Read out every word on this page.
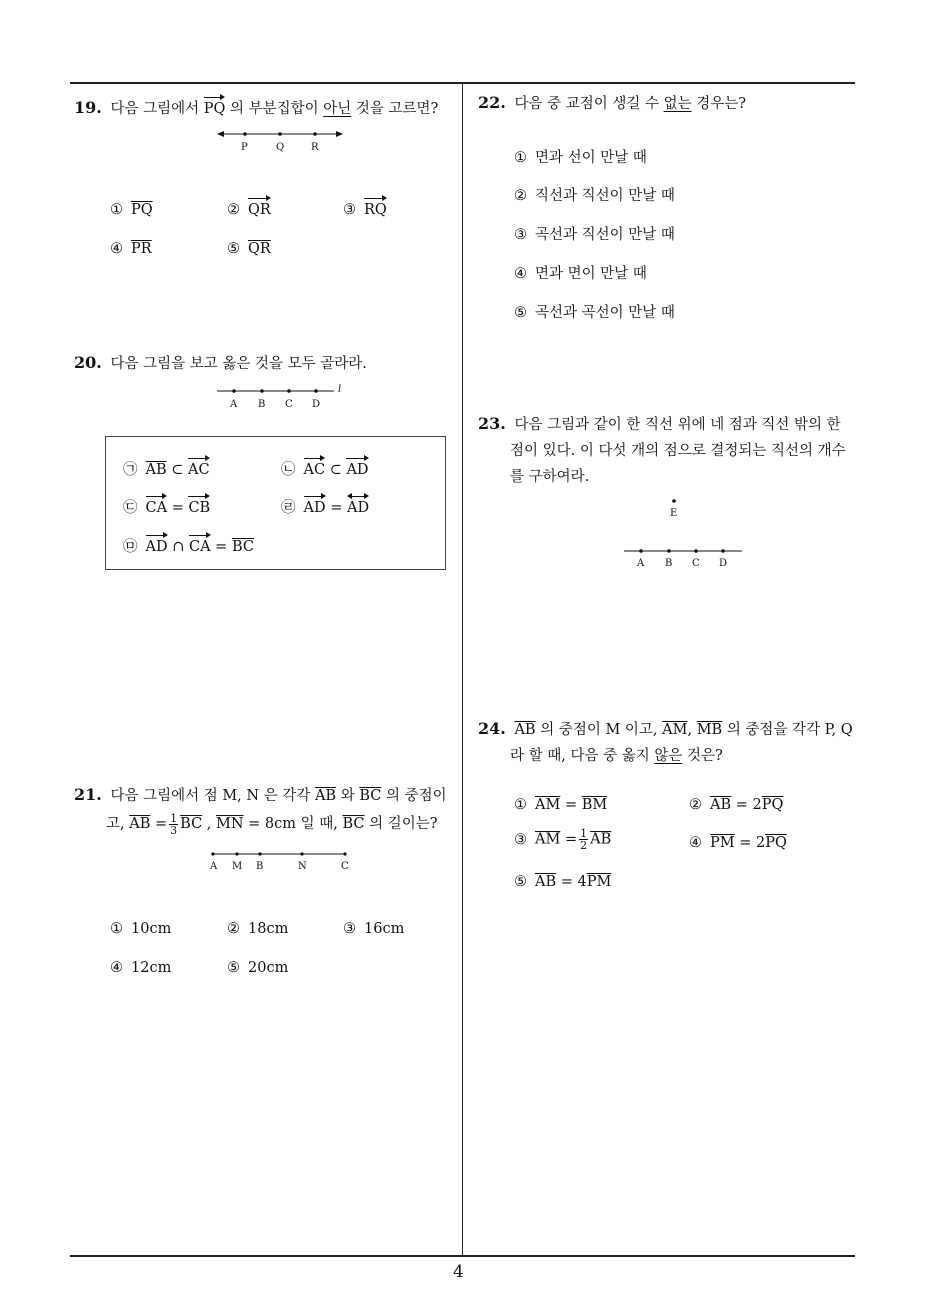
19. 다음 그림에서 PQ 의 부분집합이 아닌 것을 고르면?
P	Q	R
① $\overline{PQ}$	② QR	③ RQ
④ $\overline{PR}$	⑤ $\overline{QR}$
20. 다음 그림을 보고 옳은 것을 모두 골라라.
l
A B C D
㉠ $\overline{AB}$ ⊂ AC	㉡ AC ⊂ AD
㉢ CA = CB	㉣ AD = AD
㉤ AD ∩ CA = $\overline{BC}$
21. 다음 그림에서 점 M, N 은 각각 $\overline{AB}$ 와 $\overline{BC}$ 의 중점이
고, $\overline{AB} = \frac{1}{3} \overline{BC}$ , $\overline{MN} = 8cm$ 일 때, $\overline{BC}$ 의 길이는?
A M B	N	C
① 10cm	② 18cm	③ 16cm
④ 12cm	⑤ 20cm
22. 다음 중 교점이 생길 수 없는 경우는?
① 면과 선이 만날 때
② 직선과 직선이 만날 때
③ 곡선과 직선이 만날 때
④ 면과 면이 만날 때
⑤ 곡선과 곡선이 만날 때
23. 다음 그림과 같이 한 직선 위에 네 점과 직선 밖의 한
점이 있다. 이 다섯 개의 점으로 결정되는 직선의 개수
를 구하여라.
E
A B C D
24. $\overline{AB}$ 의 중점이 M 이고, $\overline{AM}$, $\overline{MB}$ 의 중점을 각각 P, Q
라 할 때, 다음 중 옳지 않은 것은?
① $\overline{AM} = \overline{BM}$	② $\overline{AB} = 2\overline{PQ}$
③ $\overline{AM} = \frac{1}{2} \overline{AB}$	④ $\overline{PM} = 2\overline{PQ}$
⑤ $\overline{AB} = 4\overline{PM}$
4
